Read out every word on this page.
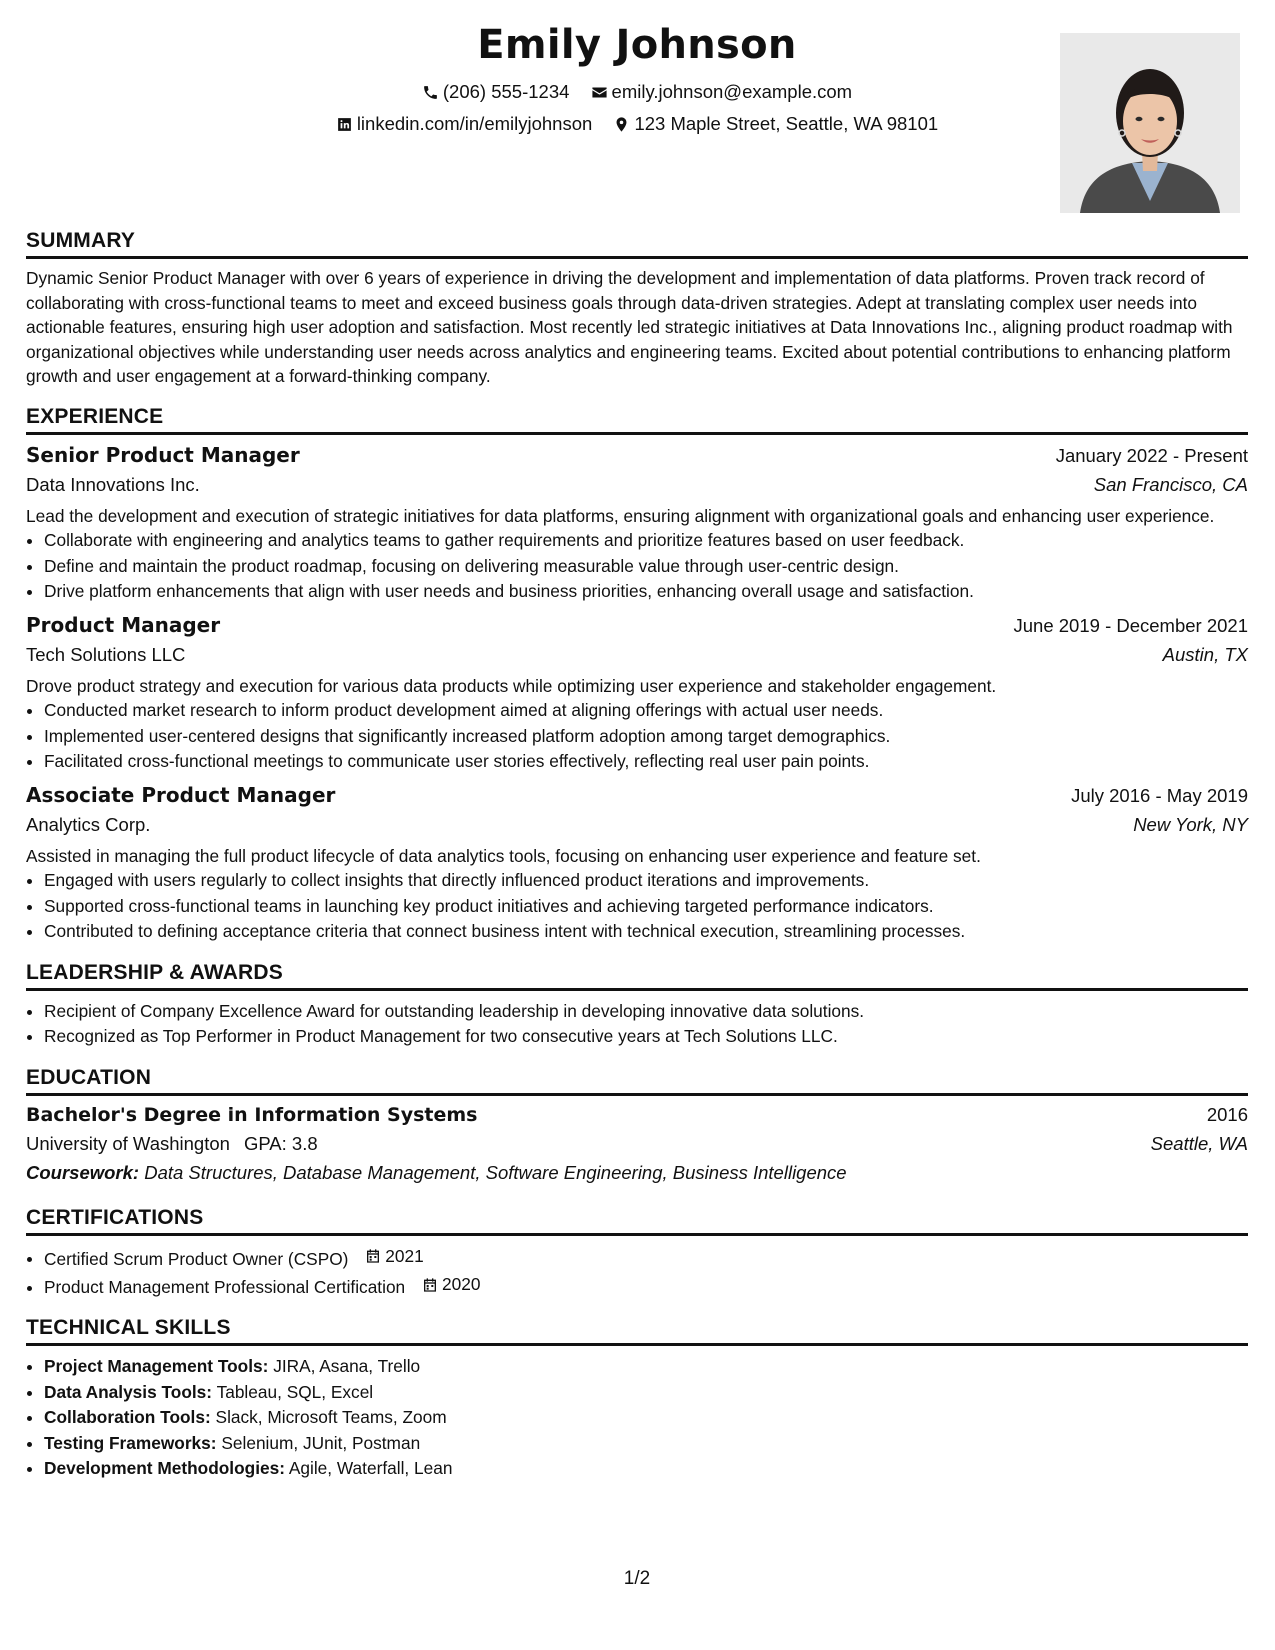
Emily Johnson
(206) 555-1234
emily.johnson@example.com
linkedin.com/in/emilyjohnson
123 Maple Street, Seattle, WA 98101
SUMMARY

Dynamic Senior Product Manager with over 6 years of experience in driving the development and implementation of data platforms. Proven track record of collaborating with cross-functional teams to meet and exceed business goals through data-driven strategies. Adept at translating complex user needs into actionable features, ensuring high user adoption and satisfaction. Most recently led strategic initiatives at Data Innovations Inc., aligning product roadmap with organizational objectives while understanding user needs across analytics and engineering teams. Excited about potential contributions to enhancing platform growth and user engagement at a forward-thinking company.

EXPERIENCE
Senior Product Manager	January 2022 - Present
Data Innovations Inc.	San Francisco, CA
Lead the development and execution of strategic initiatives for data platforms, ensuring alignment with organizational goals and enhancing user experience.
• Collaborate with engineering and analytics teams to gather requirements and prioritize features based on user feedback.
• Define and maintain the product roadmap, focusing on delivering measurable value through user-centric design.
• Drive platform enhancements that align with user needs and business priorities, enhancing overall usage and satisfaction.
Product Manager	June 2019 - December 2021
Tech Solutions LLC	Austin, TX
Drove product strategy and execution for various data products while optimizing user experience and stakeholder engagement.
• Conducted market research to inform product development aimed at aligning offerings with actual user needs.
• Implemented user-centered designs that significantly increased platform adoption among target demographics.
• Facilitated cross-functional meetings to communicate user stories effectively, reflecting real user pain points.
Associate Product Manager	July 2016 - May 2019
Analytics Corp.	New York, NY
Assisted in managing the full product lifecycle of data analytics tools, focusing on enhancing user experience and feature set.
• Engaged with users regularly to collect insights that directly influenced product iterations and improvements.
• Supported cross-functional teams in launching key product initiatives and achieving targeted performance indicators.
• Contributed to defining acceptance criteria that connect business intent with technical execution, streamlining processes.
LEADERSHIP & AWARDS
• Recipient of Company Excellence Award for outstanding leadership in developing innovative data solutions.
• Recognized as Top Performer in Product Management for two consecutive years at Tech Solutions LLC.
EDUCATION
Bachelor's Degree in Information Systems	2016
University of Washington GPA: 3.8	Seattle, WA
Coursework: Data Structures, Database Management, Software Engineering, Business Intelligence
CERTIFICATIONS
• Certified Scrum Product Owner (CSPO) 2021
• Product Management Professional Certification 2020
TECHNICAL SKILLS
• Project Management Tools: JIRA, Asana, Trello
• Data Analysis Tools: Tableau, SQL, Excel
• Collaboration Tools: Slack, Microsoft Teams, Zoom
• Testing Frameworks: Selenium, JUnit, Postman
• Development Methodologies: Agile, Waterfall, Lean
1/2
